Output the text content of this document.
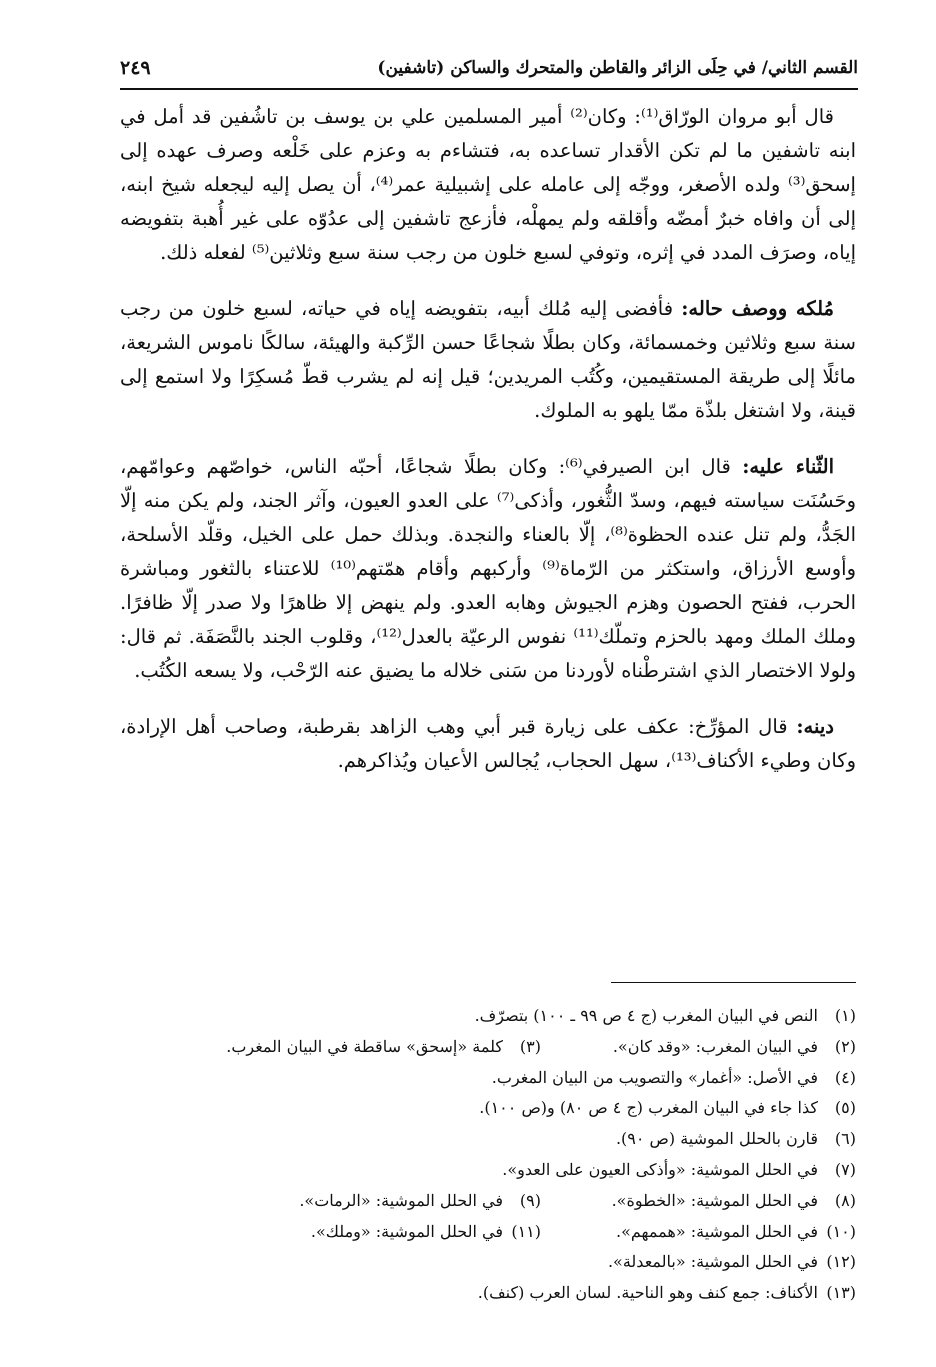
القسم الثاني/ في حِلَى الزائر والقاطن والمتحرك والساكن (تاشفين)
٢٤٩

قال أبو مروان الورّاق⁽¹⁾: وكان⁽²⁾ أمير المسلمين علي بن يوسف بن تاشُفين قد أمل في ابنه تاشفين ما لم تكن الأقدار تساعده به، فتشاءم به وعزم على خَلْعه وصرف عهده إلى إسحق⁽³⁾ ولده الأصغر، ووجّه إلى عامله على إشبيلية عمر⁽⁴⁾، أن يصل إليه ليجعله شيخ ابنه، إلى أن وافاه خبرٌ أمضّه وأقلقه ولم يمهلْه، فأزعج تاشفين إلى عدُوّه على غير أُهبة بتفويضه إياه، وصرَف المدد في إثره، وتوفي لسبع خلون من رجب سنة سبع وثلاثين⁽⁵⁾ لفعله ذلك.

مُلكه ووصف حاله: فأفضى إليه مُلك أبيه، بتفويضه إياه في حياته، لسبع خلون من رجب سنة سبع وثلاثين وخمسمائة، وكان بطلًا شجاعًا حسن الرِّكبة والهيئة، سالكًا ناموس الشريعة، مائلًا إلى طريقة المستقيمين، وكُتُب المريدين؛ قيل إنه لم يشرب قطّ مُسكِرًا ولا استمع إلى قينة، ولا اشتغل بلذّة ممّا يلهو به الملوك.

الثّناء عليه: قال ابن الصيرفي⁽⁶⁾: وكان بطلًا شجاعًا، أحبّه الناس، خواصّهم وعوامّهم، وحَسُنَت سياسته فيهم، وسدّ الثُّغور، وأذكى⁽⁷⁾ على العدو العيون، وآثر الجند، ولم يكن منه إلّا الجَدُّ، ولم تنل عنده الحظوة⁽⁸⁾، إلّا بالعناء والنجدة. وبذلك حمل على الخيل، وقلّد الأسلحة، وأوسع الأرزاق، واستكثر من الرّماة⁽⁹⁾ وأركبهم وأقام همّتهم⁽¹⁰⁾ للاعتناء بالثغور ومباشرة الحرب، ففتح الحصون وهزم الجيوش وهابه العدو. ولم ينهض إلا ظاهرًا ولا صدر إلّا ظافرًا. وملك الملك ومهد بالحزم وتملّك⁽¹¹⁾ نفوس الرعيّة بالعدل⁽¹²⁾، وقلوب الجند بالنَّصَفَة. ثم قال: ولولا الاختصار الذي اشترطْناه لأوردنا من سَنى خلاله ما يضيق عنه الرّحْب، ولا يسعه الكُتُب.

دينه: قال المؤرِّخ: عكف على زيارة قبر أبي وهب الزاهد بقرطبة، وصاحب أهل الإرادة، وكان وطيء الأكناف⁽¹³⁾، سهل الحجاب، يُجالس الأعيان ويُذاكرهم.

(١)
النص في البيان المغرب (ج ٤ ص ٩٩ ـ ١٠٠) بتصرّف.
(٢)
في البيان المغرب: «وقد كان».
(٣)
كلمة «إسحق» ساقطة في البيان المغرب.
(٤)
في الأصل: «أغمار» والتصويب من البيان المغرب.
(٥)
كذا جاء في البيان المغرب (ج ٤ ص ٨٠) و(ص ١٠٠).
(٦)
قارن بالحلل الموشية (ص ٩٠).
(٧)
في الحلل الموشية: «وأذكى العيون على العدو».
(٨)
في الحلل الموشية: «الخطوة».
(٩)
في الحلل الموشية: «الرمات».
(١٠)
في الحلل الموشية: «هممهم».
(١١)
في الحلل الموشية: «وملك».
(١٢)
في الحلل الموشية: «بالمعدلة».
(١٣)
الأكناف: جمع كنف وهو الناحية. لسان العرب (كنف).
